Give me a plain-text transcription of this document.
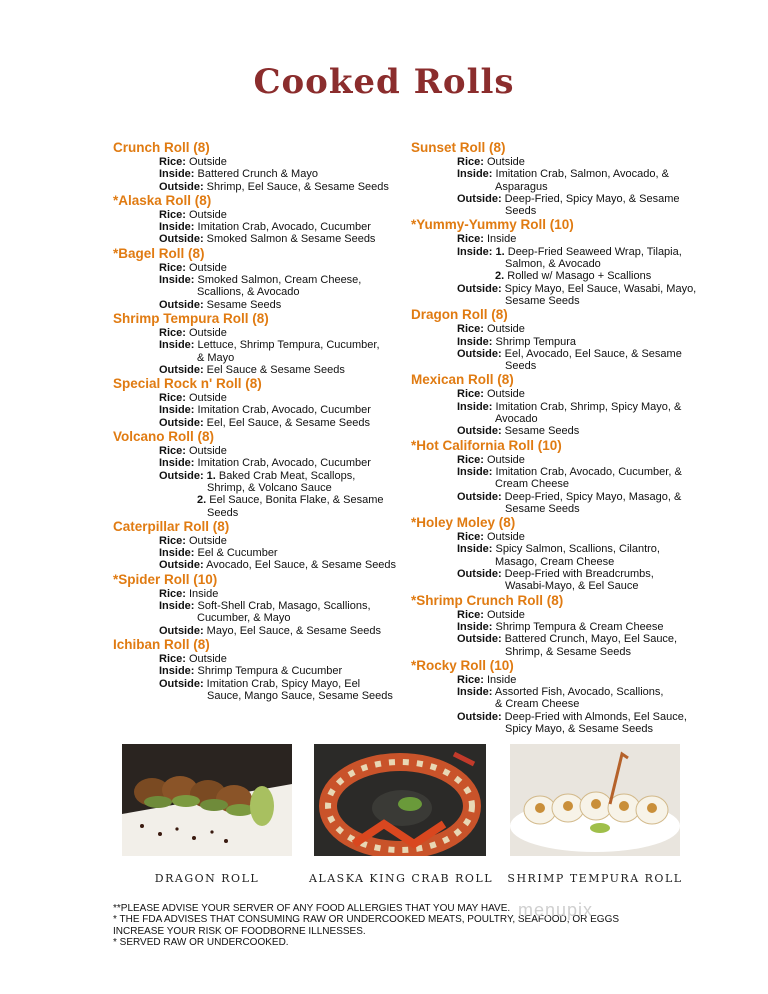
Cooked Rolls
Crunch Roll (8)
Rice: Outside
Inside: Battered Crunch & Mayo
Outside: Shrimp, Eel Sauce, & Sesame Seeds
*Alaska Roll (8)
Rice: Outside
Inside: Imitation Crab, Avocado, Cucumber
Outside: Smoked Salmon & Sesame Seeds
*Bagel Roll (8)
Rice: Outside
Inside: Smoked Salmon, Cream Cheese,
Scallions, & Avocado
Outside: Sesame Seeds
Shrimp Tempura Roll (8)
Rice: Outside
Inside: Lettuce, Shrimp Tempura, Cucumber,
& Mayo
Outside: Eel Sauce & Sesame Seeds
Special Rock n' Roll (8)
Rice: Outside
Inside: Imitation Crab, Avocado, Cucumber
Outside: Eel, Eel Sauce, & Sesame Seeds
Volcano Roll (8)
Rice: Outside
Inside: Imitation Crab, Avocado, Cucumber
Outside: 1. Baked Crab Meat, Scallops,
Shrimp, & Volcano Sauce
2. Eel Sauce, Bonita Flake, & Sesame
Seeds
Caterpillar Roll (8)
Rice: Outside
Inside: Eel & Cucumber
Outside: Avocado, Eel Sauce, & Sesame Seeds
*Spider Roll (10)
Rice: Inside
Inside: Soft-Shell Crab, Masago, Scallions,
Cucumber, & Mayo
Outside: Mayo, Eel Sauce, & Sesame Seeds
Ichiban Roll (8)
Rice: Outside
Inside: Shrimp Tempura & Cucumber
Outside: Imitation Crab, Spicy Mayo, Eel
Sauce, Mango Sauce, Sesame Seeds
Sunset Roll (8)
Rice: Outside
Inside: Imitation Crab, Salmon, Avocado, &
Asparagus
Outside: Deep-Fried, Spicy Mayo, & Sesame
Seeds
*Yummy-Yummy Roll (10)
Rice: Inside
Inside: 1. Deep-Fried Seaweed Wrap, Tilapia,
Salmon, & Avocado
2. Rolled w/ Masago + Scallions
Outside: Spicy Mayo, Eel Sauce, Wasabi, Mayo,
Sesame Seeds
Dragon Roll (8)
Rice: Outside
Inside: Shrimp Tempura
Outside: Eel, Avocado, Eel Sauce, & Sesame
Seeds
Mexican Roll (8)
Rice: Outside
Inside: Imitation Crab, Shrimp, Spicy Mayo, &
Avocado
Outside: Sesame Seeds
*Hot California Roll (10)
Rice: Outside
Inside: Imitation Crab, Avocado, Cucumber, &
Cream Cheese
Outside: Deep-Fried, Spicy Mayo, Masago, &
Sesame Seeds
*Holey Moley (8)
Rice: Outside
Inside: Spicy Salmon, Scallions, Cilantro,
Masago, Cream Cheese
Outside: Deep-Fried with Breadcrumbs,
Wasabi-Mayo, & Eel Sauce
*Shrimp Crunch Roll (8)
Rice: Outside
Inside: Shrimp Tempura & Cream Cheese
Outside: Battered Crunch, Mayo, Eel Sauce,
Shrimp, & Sesame Seeds
*Rocky Roll (10)
Rice: Inside
Inside: Assorted Fish, Avocado, Scallions,
& Cream Cheese
Outside: Deep-Fried with Almonds, Eel Sauce,
Spicy Mayo, & Sesame Seeds
DRAGON ROLL	ALASKA KING CRAB ROLL	SHRIMP TEMPURA ROLL
**PLEASE ADVISE YOUR SERVER OF ANY FOOD ALLERGIES THAT YOU MAY HAVE.
* THE FDA ADVISES THAT CONSUMING RAW OR UNDERCOOKED MEATS, POULTRY, SEAFOOD, OR EGGS
INCREASE YOUR RISK OF FOODBORNE ILLNESSES.
* SERVED RAW OR UNDERCOOKED.
menupix
